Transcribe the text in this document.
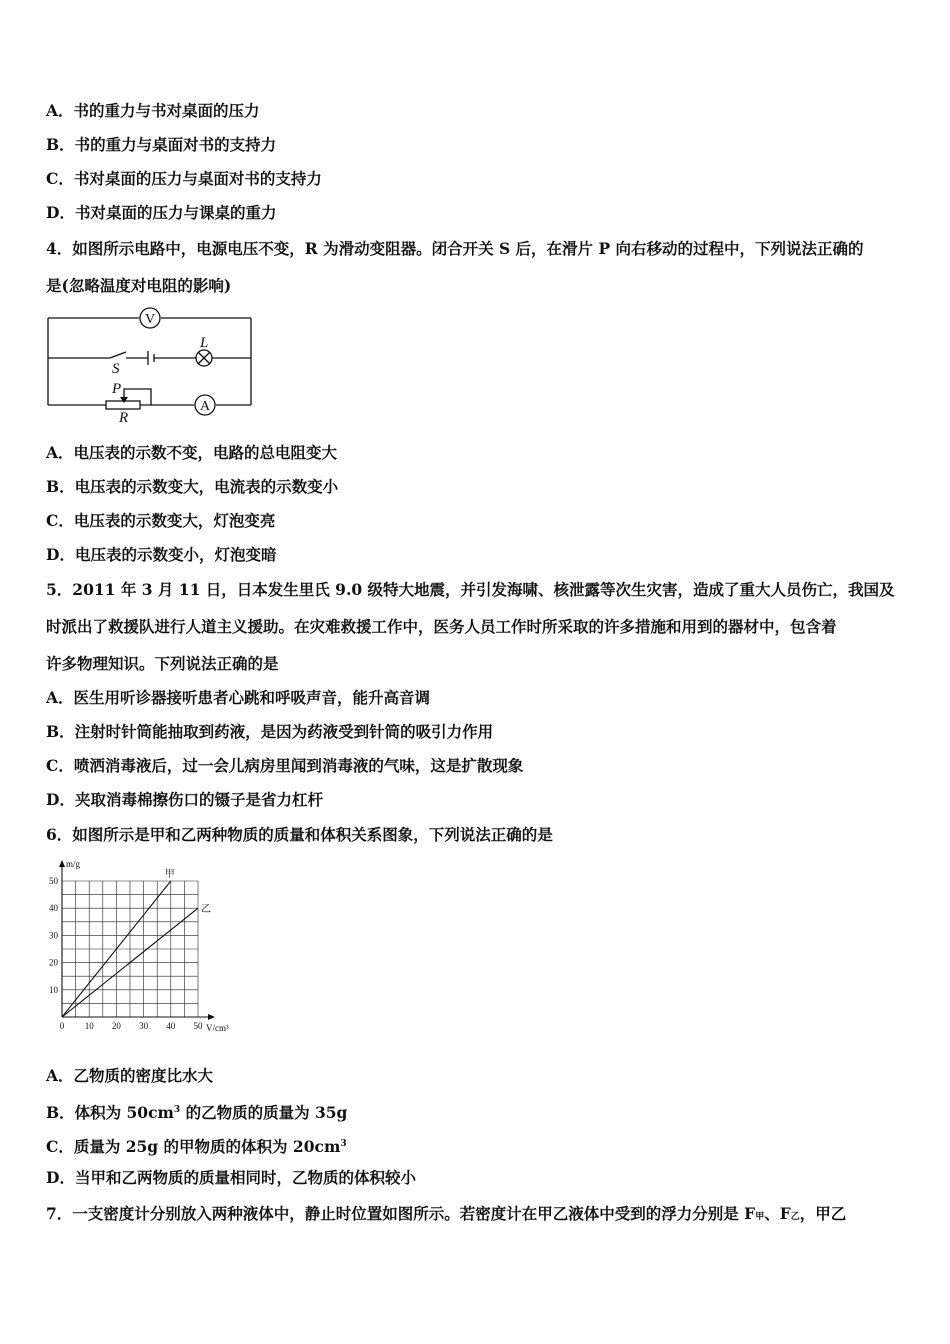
A．书的重力与书对桌面的压力
B．书的重力与桌面对书的支持力
C．书对桌面的压力与桌面对书的支持力
D．书对桌面的压力与课桌的重力
4．如图所示电路中，电源电压不变，R 为滑动变阻器。闭合开关 S 后，在滑片 P 向右移动的过程中，下列说法正确的
是(忽略温度对电阻的影响)
V
A
L
S
P
R
A．电压表的示数不变，电路的总电阻变大
B．电压表的示数变大，电流表的示数变小
C．电压表的示数变大，灯泡变亮
D．电压表的示数变小，灯泡变暗
5．2011 年 3 月 11 日，日本发生里氏 9.0 级特大地震，并引发海啸、核泄露等次生灾害，造成了重大人员伤亡，我国及
时派出了救援队进行人道主义援助。在灾难救援工作中，医务人员工作时所采取的许多措施和用到的器材中，包含着
许多物理知识。下列说法正确的是
A．医生用听诊器接听患者心跳和呼吸声音，能升高音调
B．注射时针筒能抽取到药液，是因为药液受到针筒的吸引力作用
C．喷洒消毒液后，过一会儿病房里闻到消毒液的气味，这是扩散现象
D．夹取消毒棉擦伤口的镊子是省力杠杆
6．如图所示是甲和乙两种物质的质量和体积关系图象，下列说法正确的是
m/g
V/cm³
0 10 20 30 40 50
10
20
30
40
50
甲
乙
A．乙物质的密度比水大
B．体积为 $50cm^3$ 的乙物质的质量为 35g
C．质量为 25g 的甲物质的体积为 $20cm^3$
D．当甲和乙两物质的质量相同时，乙物质的体积较小
7．一支密度计分别放入两种液体中，静止时位置如图所示。若密度计在甲乙液体中受到的浮力分别是 F甲、F乙，甲乙
